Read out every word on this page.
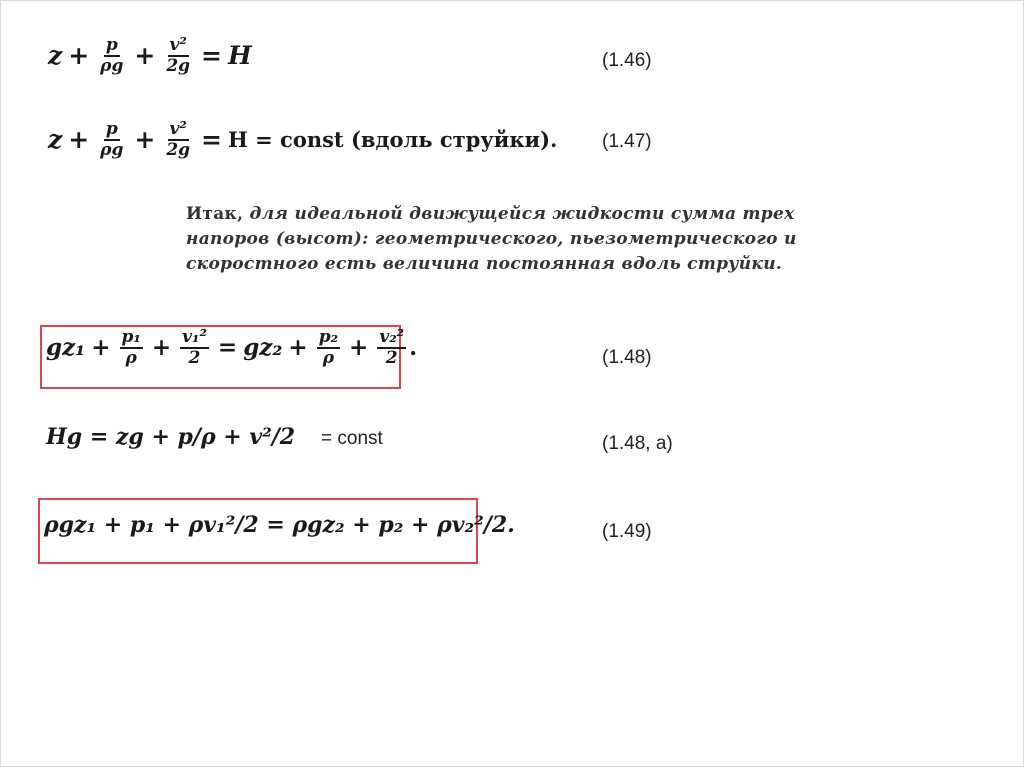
$z + \frac{p}{\rho g} + \frac{\text{v²}}{2g} = H$	(1.46)
$z + \frac{p}{\rho g} + \frac{\text{v²}}{2g} = H$ = const (вдоль струйки). (1.47)
Итак, для идеальной движущейся жидкости сумма трех напоров (высот): геометрического, пьезометрического и скоростного есть величина постоянная вдоль струйки.
$gz_1 + \frac{\text{p₁}}{\rho} + \frac{\text{v₁²}}{2} = gz_2 + \frac{\text{p₂}}{\rho} + \frac{\text{v₂²}}{2}$ .	(1.48)
Hg = zg + p/ρ + v²/2 = const	(1.48, a)
ρgz₁ + p₁ + ρv₁²/2 = ρgz₂ + p₂ + ρv₂²/2.	(1.49)
